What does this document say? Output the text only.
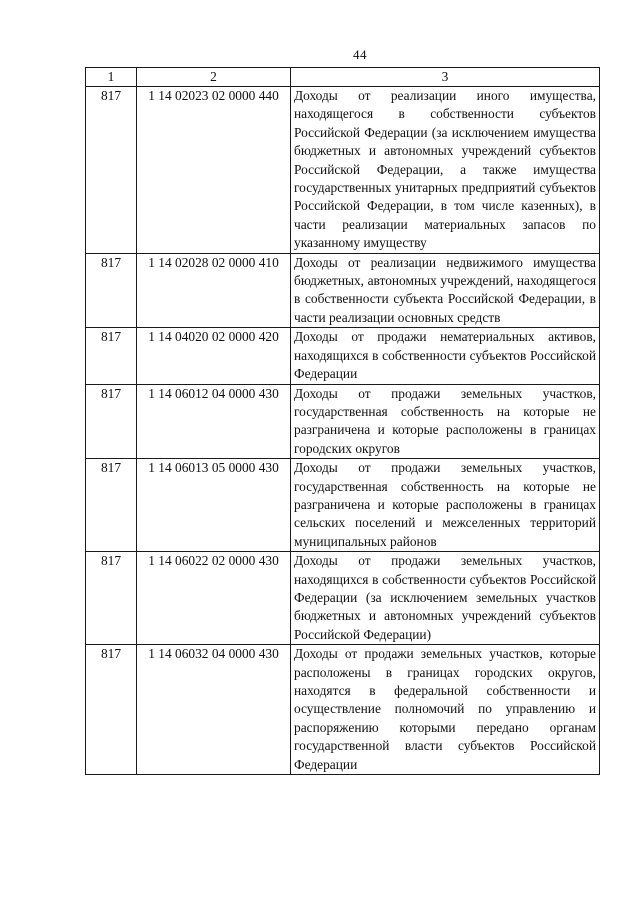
44
1	2	3
817	1 14 02023 02 0000 440	Доходы от реализации иного имущества, находящегося в собственности субъектов Российской Федерации (за исключением имущества бюджетных и автономных учреждений субъектов Российской Федерации, а также имущества государственных унитарных предприятий субъектов Российской Федерации, в том числе казенных), в части реализации материальных запасов по указанному имуществу
817	1 14 02028 02 0000 410	Доходы от реализации недвижимого имущества бюджетных, автономных учреждений, находящегося в собственности субъекта Российской Федерации, в части реализации основных средств
817	1 14 04020 02 0000 420	Доходы от продажи нематериальных активов, находящихся в собственности субъектов Российской Федерации
817	1 14 06012 04 0000 430	Доходы от продажи земельных участков, государственная собственность на которые не разграничена и которые расположены в границах городских округов
817	1 14 06013 05 0000 430	Доходы от продажи земельных участков, государственная собственность на которые не разграничена и которые расположены в границах сельских поселений и межселенных территорий муниципальных районов
817	1 14 06022 02 0000 430	Доходы от продажи земельных участков, находящихся в собственности субъектов Российской Федерации (за исключением земельных участков бюджетных и автономных учреждений субъектов Российской Федерации)
817	1 14 06032 04 0000 430	Доходы от продажи земельных участков, которые расположены в границах городских округов, находятся в федеральной собственности и осуществление полномочий по управлению и распоряжению которыми передано органам государственной власти субъектов Российской Федерации
